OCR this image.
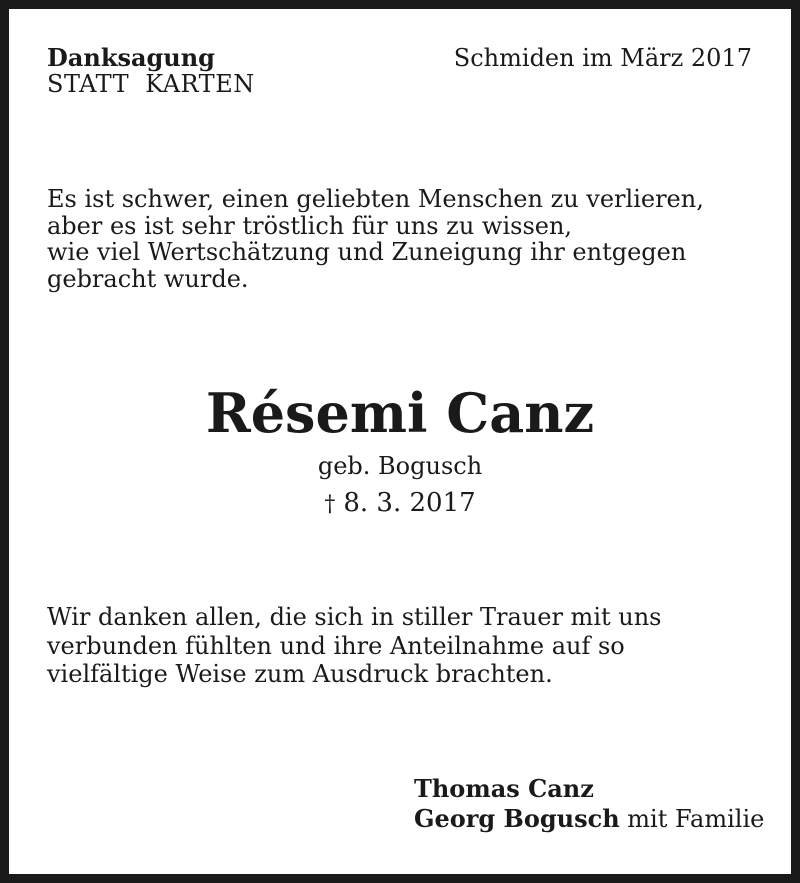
Danksagung
STATT KARTEN
Schmiden im März 2017
Es ist schwer, einen geliebten Menschen zu verlieren,
aber es ist sehr tröstlich für uns zu wissen,
wie viel Wertschätzung und Zuneigung ihr entgegen
gebracht wurde.
Résemi Canz
geb. Bogusch
† 8. 3. 2017
Wir danken allen, die sich in stiller Trauer mit uns
verbunden fühlten und ihre Anteilnahme auf so
vielfältige Weise zum Ausdruck brachten.
Thomas Canz
Georg Bogusch mit Familie
